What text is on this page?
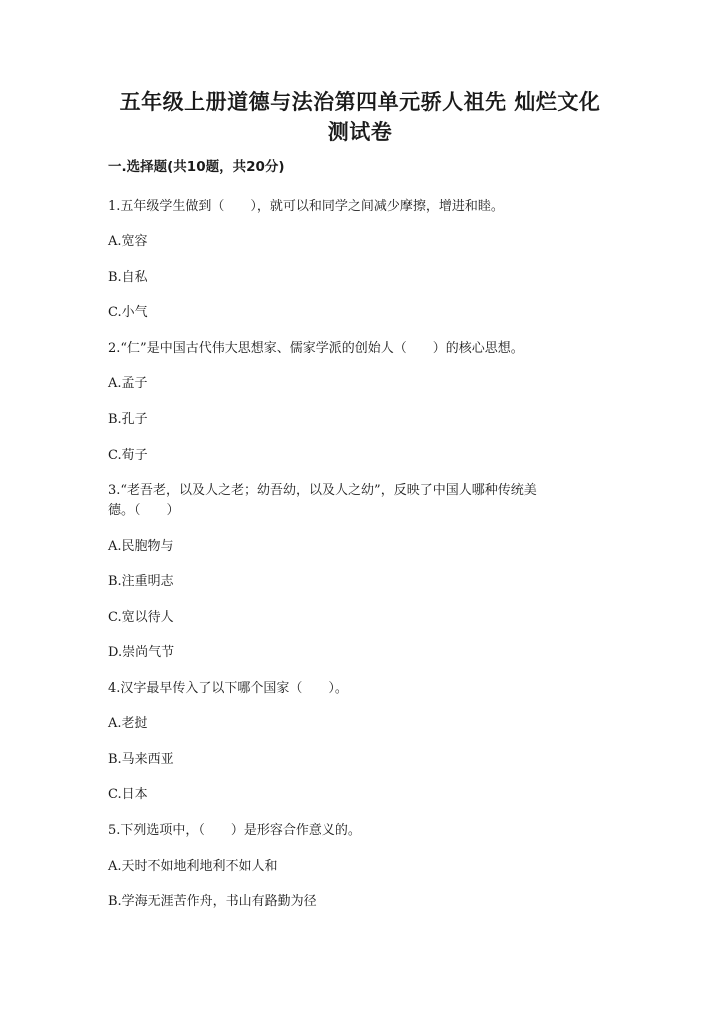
五年级上册道德与法治第四单元骄人祖先 灿烂文化
测试卷
一.选择题(共10题，共20分)
1.五年级学生做到（　　），就可以和同学之间减少摩擦，增进和睦。
A.宽容
B.自私
C.小气
2.“仁”是中国古代伟大思想家、儒家学派的创始人（　　）的核心思想。
A.孟子
B.孔子
C.荀子
3.“老吾老，以及人之老；幼吾幼，以及人之幼”，反映了中国人哪种传统美
德。（　　）
A.民胞物与
B.注重明志
C.宽以待人
D.崇尚气节
4.汉字最早传入了以下哪个国家（　　）。
A.老挝
B.马来西亚
C.日本
5.下列选项中，（　　）是形容合作意义的。
A.天时不如地利地利不如人和
B.学海无涯苦作舟，书山有路勤为径
